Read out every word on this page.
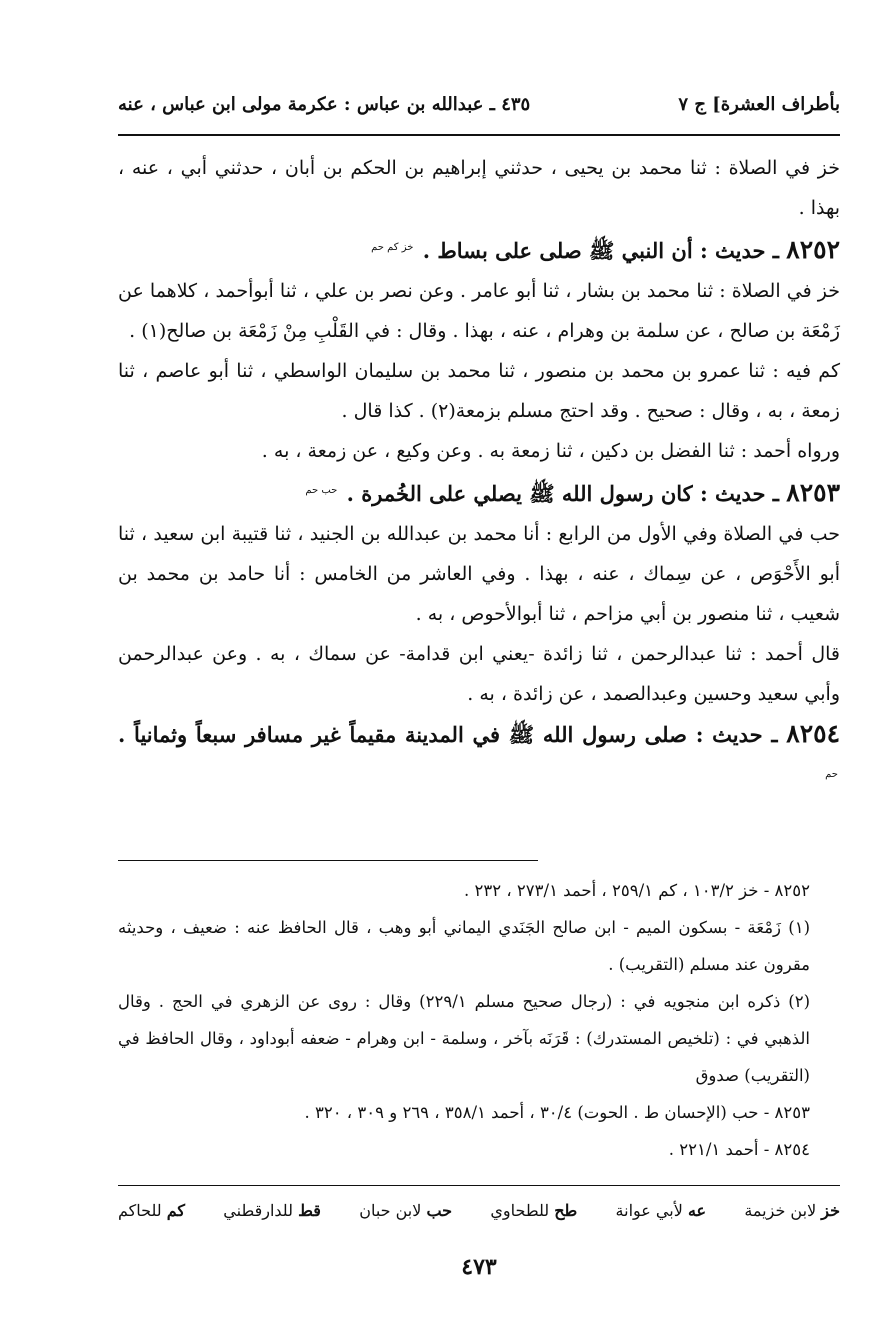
بأطراف العشرة] ج ٧
٤٣٥ ـ عبدالله بن عباس : عكرمة مولى ابن عباس ، عنه

خز في الصلاة : ثنا محمد بن يحيى ، حدثني إبراهيم بن الحكم بن أبان ، حدثني أبي ، عنه ، بهذا .

٨٢٥٢ ـ حديث : أن النبي ﷺ صلى على بساط . $^{خز كم حم}$

خز في الصلاة : ثنا محمد بن بشار ، ثنا أبو عامر . وعن نصر بن علي ، ثنا أبوأحمد ، كلاهما عن زَمْعَة بن صالح ، عن سلمة بن وهرام ، عنه ، بهذا . وقال : في القَلْبِ مِنْ زَمْعَة بن صالح(١) .

كم فيه : ثنا عمرو بن محمد بن منصور ، ثنا محمد بن سليمان الواسطي ، ثنا أبو عاصم ، ثنا زمعة ، به ، وقال : صحيح . وقد احتج مسلم بزمعة(٢) . كذا قال .

ورواه أحمد : ثنا الفضل بن دكين ، ثنا زمعة به . وعن وكيع ، عن زمعة ، به .

٨٢٥٣ ـ حديث : كان رسول الله ﷺ يصلي على الخُمرة . $^{حب حم}$

حب في الصلاة وفي الأول من الرابع : أنا محمد بن عبدالله بن الجنيد ، ثنا قتيبة ابن سعيد ، ثنا أبو الأَحْوَص ، عن سِماك ، عنه ، بهذا . وفي العاشر من الخامس : أنا حامد بن محمد بن شعيب ، ثنا منصور بن أبي مزاحم ، ثنا أبوالأحوص ، به .

قال أحمد : ثنا عبدالرحمن ، ثنا زائدة -يعني ابن قدامة- عن سماك ، به . وعن عبدالرحمن وأبي سعيد وحسين وعبدالصمد ، عن زائدة ، به .

٨٢٥٤ ـ حديث : صلى رسول الله ﷺ في المدينة مقيماً غير مسافر سبعاً وثمانياً . $^{حم}$

٨٢٥٢ - خز ١٠٣/٢ ، كم ٢٥٩/١ ، أحمد ٢٧٣/١ ، ٢٣٢ .
(١) زَمْعَة - بسكون الميم - ابن صالح الجَنَدي اليماني أبو وهب ، قال الحافظ عنه : ضعيف ، وحديثه مقرون عند مسلم (التقريب) .
(٢) ذكره ابن منجويه في : (رجال صحيح مسلم ٢٢٩/١) وقال : روى عن الزهري في الحج . وقال الذهبي في : (تلخيص المستدرك) : قَرَنَه بآخر ، وسلمة - ابن وهرام - ضعفه أبوداود ، وقال الحافظ في (التقريب) صدوق
٨٢٥٣ - حب (الإحسان ط . الحوت) ٣٠/٤ ، أحمد ٣٥٨/١ ، ٢٦٩ و ٣٠٩ ، ٣٢٠ .
٨٢٥٤ - أحمد ٢٢١/١ .
خز لابن خزيمة
عه لأبي عوانة
طح للطحاوي
حب لابن حبان
قط للدارقطني
كم للحاكم
٤٧٣
